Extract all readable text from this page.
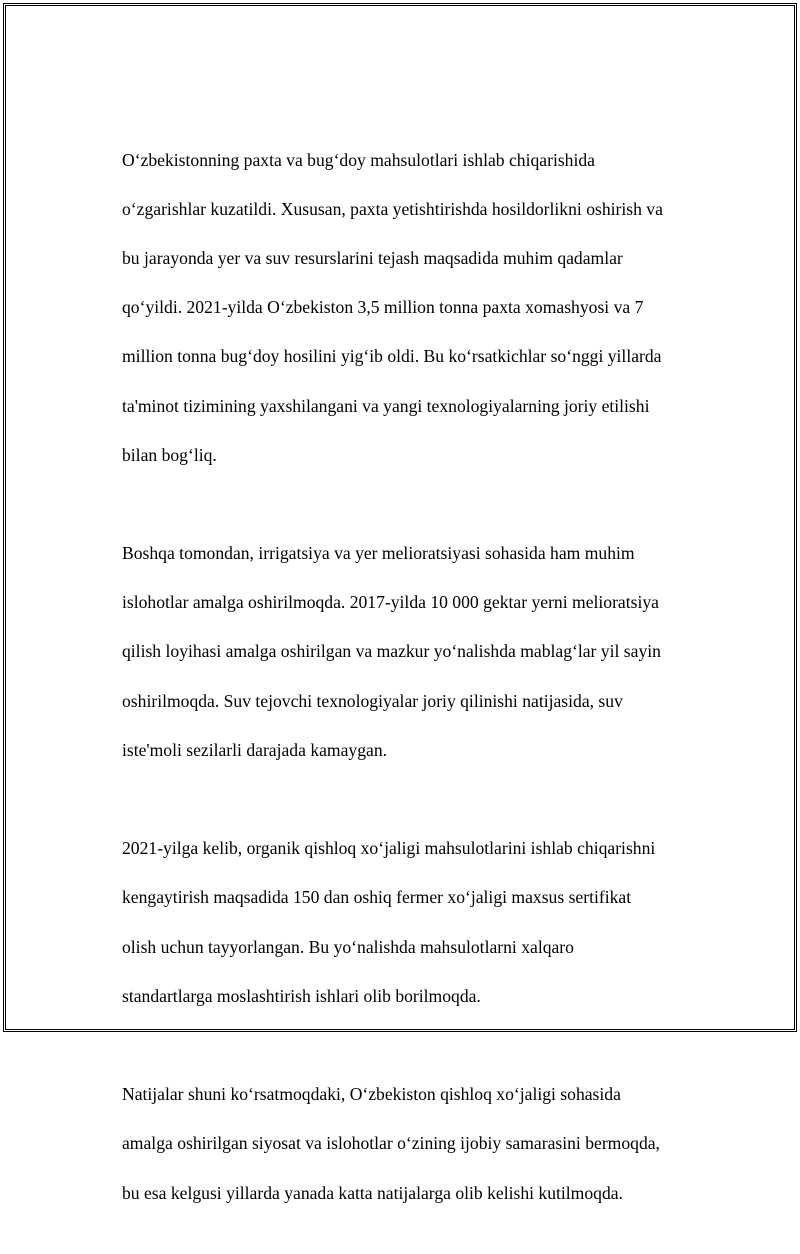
O‘zbekistonning paxta va bug‘doy mahsulotlari ishlab chiqarishida

o‘zgarishlar kuzatildi. Xususan, paxta yetishtirishda hosildorlikni oshirish va

bu jarayonda yer va suv resurslarini tejash maqsadida muhim qadamlar

qo‘yildi. 2021-yilda O‘zbekiston 3,5 million tonna paxta xomashyosi va 7

million tonna bug‘doy hosilini yig‘ib oldi. Bu ko‘rsatkichlar so‘nggi yillarda

ta'minot tizimining yaxshilangani va yangi texnologiyalarning joriy etilishi

bilan bog‘liq.

Boshqa tomondan, irrigatsiya va yer melioratsiyasi sohasida ham muhim

islohotlar amalga oshirilmoqda. 2017-yilda 10 000 gektar yerni melioratsiya

qilish loyihasi amalga oshirilgan va mazkur yo‘nalishda mablag‘lar yil sayin

oshirilmoqda. Suv tejovchi texnologiyalar joriy qilinishi natijasida, suv

iste'moli sezilarli darajada kamaygan.

2021-yilga kelib, organik qishloq xo‘jaligi mahsulotlarini ishlab chiqarishni

kengaytirish maqsadida 150 dan oshiq fermer xo‘jaligi maxsus sertifikat

olish uchun tayyorlangan. Bu yo‘nalishda mahsulotlarni xalqaro

standartlarga moslashtirish ishlari olib borilmoqda.

Natijalar shuni ko‘rsatmoqdaki, O‘zbekiston qishloq xo‘jaligi sohasida

amalga oshirilgan siyosat va islohotlar o‘zining ijobiy samarasini bermoqda,

bu esa kelgusi yillarda yanada katta natijalarga olib kelishi kutilmoqda.
